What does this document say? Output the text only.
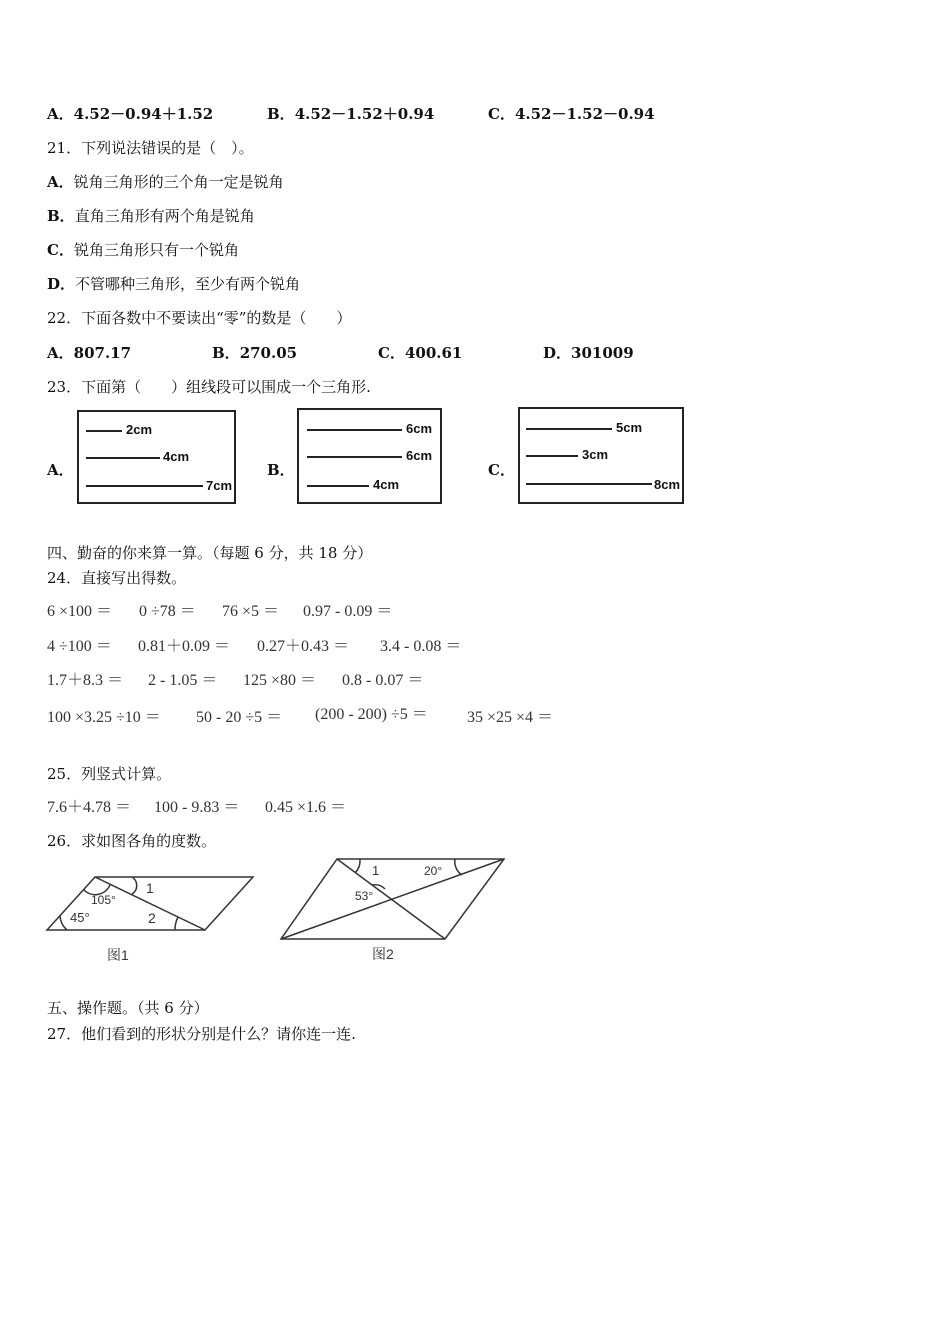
A．4.52－0.94＋1.52	B．4.52－1.52＋0.94	C．4.52－1.52－0.94
21．下列说法错误的是（　）。
A．锐角三角形的三个角一定是锐角
B．直角三角形有两个角是锐角
C．锐角三角形只有一个锐角
D．不管哪种三角形，至少有两个锐角
22．下面各数中不要读出“零”的数是（　　）
A．807.17	B．270.05	C．400.61	D．301009
23．下面第（　　）组线段可以围成一个三角形.
A．
2cm
4cm
7cm
B．
6cm
6cm
4cm
C．
5cm
3cm
8cm
四、勤奋的你来算一算。（每题 6 分，共 18 分）
24．直接写出得数。
6 ×100 ＝ 0 ÷78 ＝ 76 ×5 ＝ 0.97 - 0.09 ＝
4 ÷100 ＝ 0.81＋0.09 ＝ 0.27＋0.43 ＝ 3.4 - 0.08 ＝
1.7＋8.3 ＝ 2 - 1.05 ＝ 125 ×80 ＝ 0.8 - 0.07 ＝
100 ×3.25 ÷10 ＝ 50 - 20 ÷5 ＝ (200 - 200) ÷5 ＝ 35 ×25 ×4 ＝
25．列竖式计算。
7.6＋4.78 ＝ 100 - 9.83 ＝ 0.45 ×1.6 ＝
26．求如图各角的度数。
1
105°
2
45°
图1
1	20°
53°
图2
五、操作题。（共 6 分）
27．他们看到的形状分别是什么？请你连一连.
